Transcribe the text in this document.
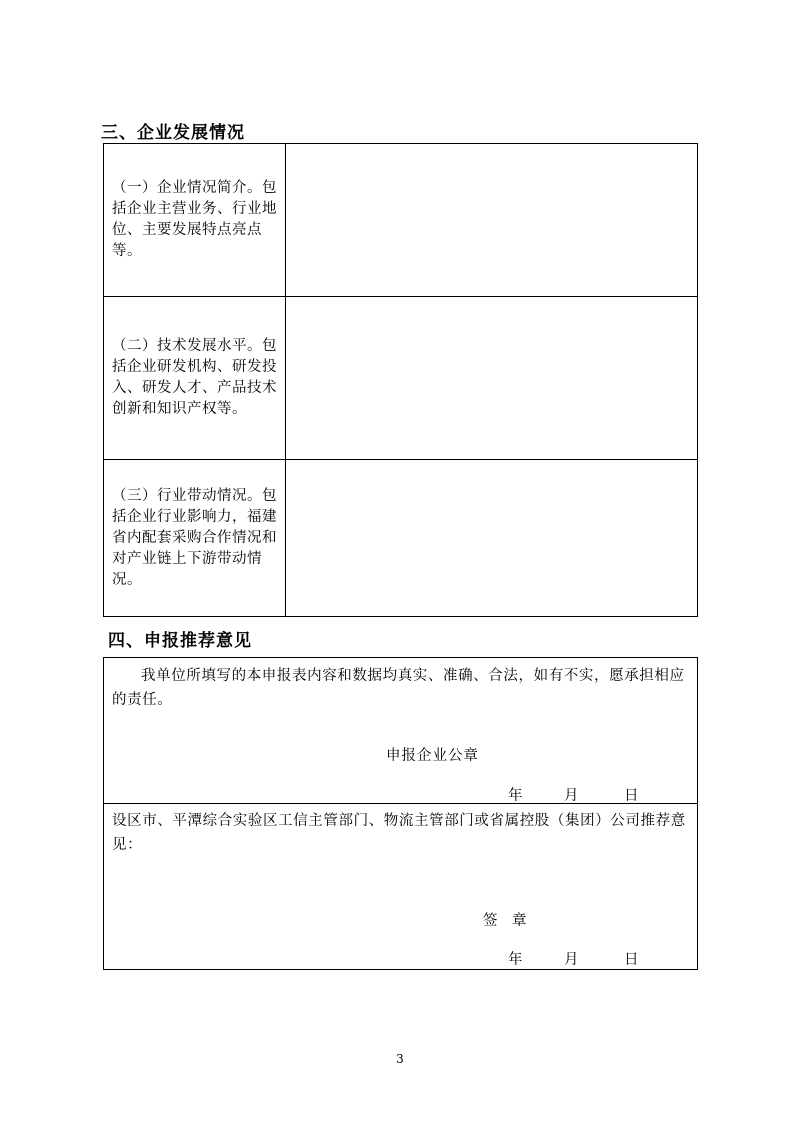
三、企业发展情况
（一）企业情况简介。包括企业主营业务、行业地位、主要发展特点亮点等。
（二）技术发展水平。包括企业研发机构、研发投入、研发人才、产品技术创新和知识产权等。
（三）行业带动情况。包括企业行业影响力，福建省内配套采购合作情况和对产业链上下游带动情况。
四、申报推荐意见
我单位所填写的本申报表内容和数据均真实、准确、合法，如有不实，愿承担相应的责任。
申报企业公章
年	月	日
设区市、平潭综合实验区工信主管部门、物流主管部门或省属控股（集团）公司推荐意见：
签　章
年	月	日
3
